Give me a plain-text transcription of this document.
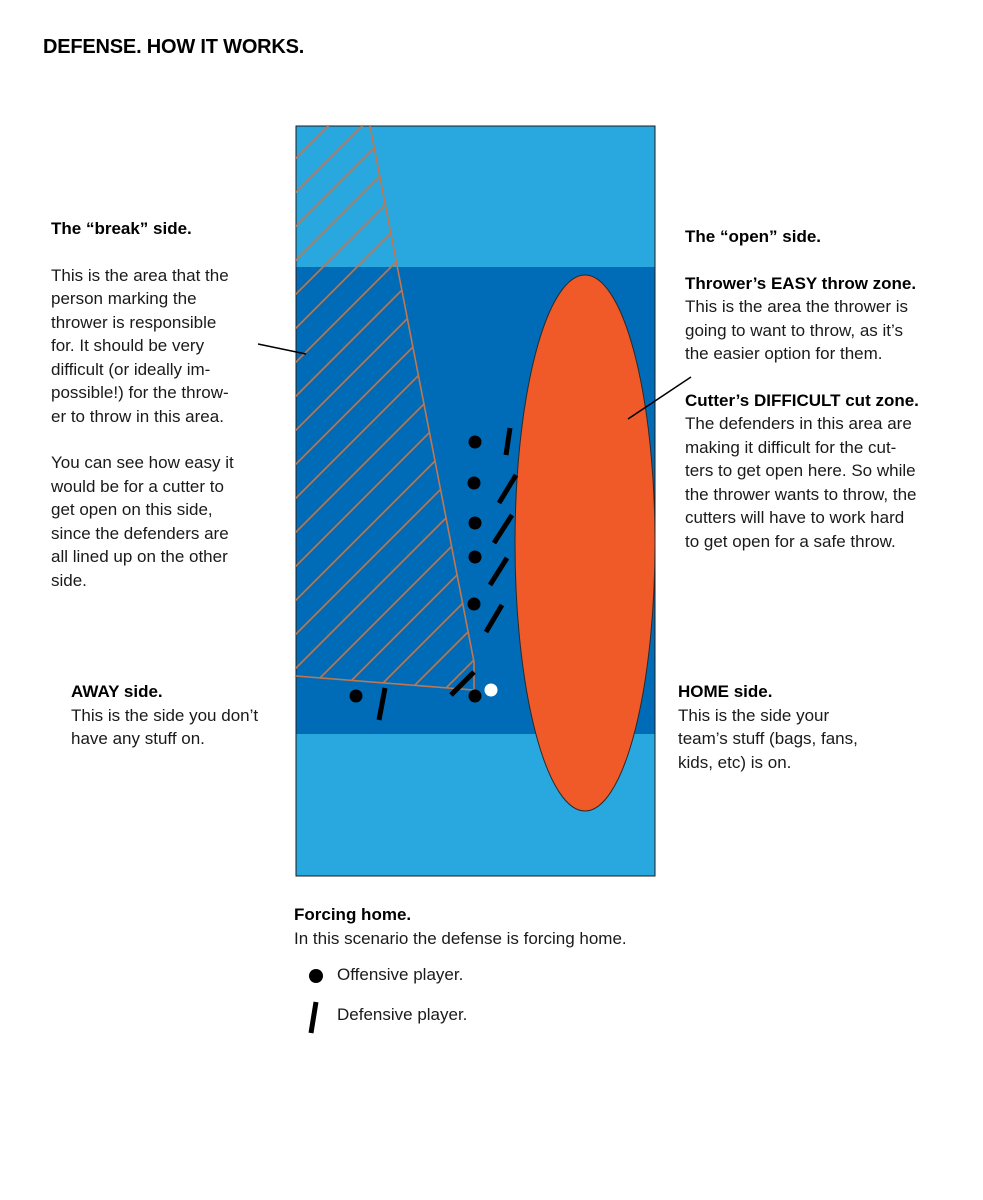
DEFENSE. HOW IT WORKS.

The “break” side.

This is the area that the

person marking the

thrower is responsible

for. It should be very

difficult (or ideally im-

possible!) for the throw-

er to throw in this area.

You can see how easy it

would be for a cutter to

get open on this side,

since the defenders are

all lined up on the other

side.

The “open” side.

Thrower’s EASY throw zone.

This is the area the thrower is

going to want to throw, as it’s

the easier option for them.

Cutter’s DIFFICULT cut zone.

The defenders in this area are

making it difficult for the cut-

ters to get open here. So while

the thrower wants to throw, the

cutters will have to work hard

to get open for a safe throw.

AWAY side.

This is the side you don’t

have any stuff on.

HOME side.

This is the side your

team’s stuff (bags, fans,

kids, etc) is on.

Forcing home.

In this scenario the defense is forcing home.

Offensive player.
Defensive player.
